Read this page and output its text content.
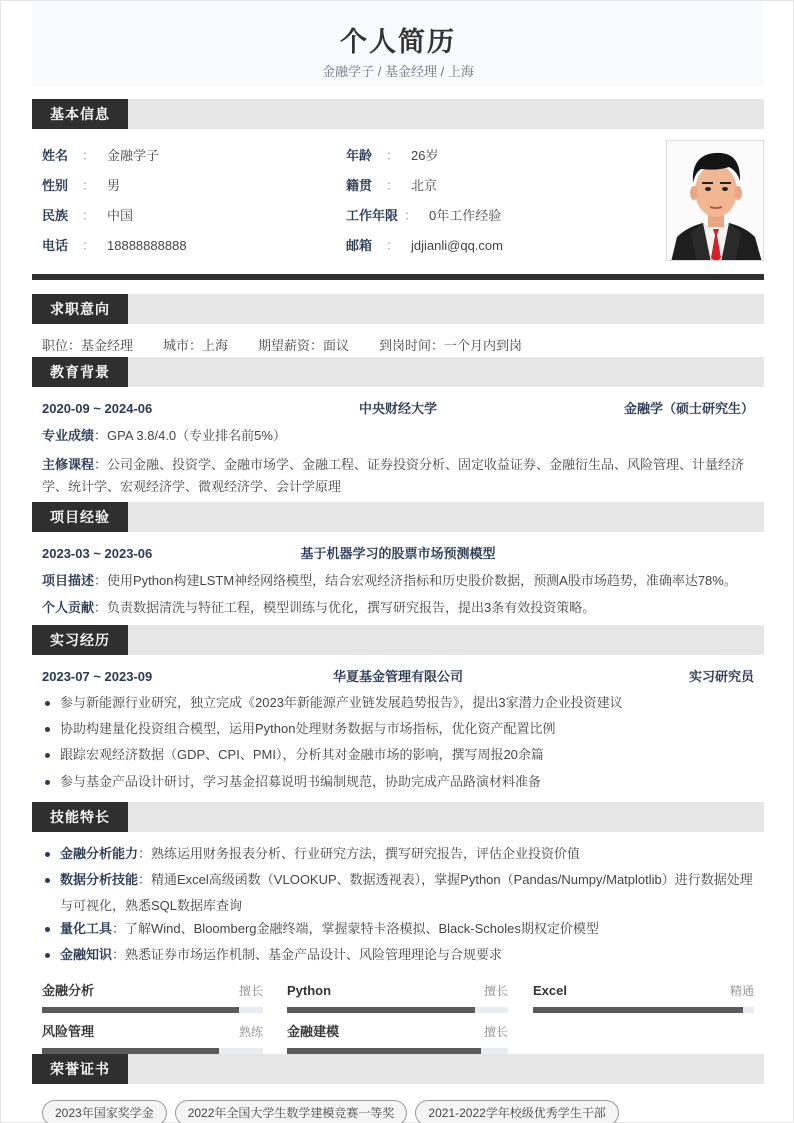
个人简历
金融学子 / 基金经理 / 上海
基本信息
姓名 ： 金融学子
性别 ： 男
民族 ： 中国
电话 ： 18888888888
年龄 ： 26岁
籍贯 ： 北京
工作年限 ： 0年工作经验
邮箱 ： jdjianli@qq.com
求职意向
职位：基金经理 城市：上海 期望薪资：面议 到岗时间：一个月内到岗
教育背景
2020-09 ~ 2024-06	中央财经大学	金融学（硕士研究生）
专业成绩：GPA 3.8/4.0（专业排名前5%）
主修课程：公司金融、投资学、金融市场学、金融工程、证券投资分析、固定收益证券、金融衍生品、风险管理、计量经济学、统计学、宏观经济学、微观经济学、会计学原理
项目经验
2023-03 ~ 2023-06	基于机器学习的股票市场预测模型
项目描述：使用Python构建LSTM神经网络模型，结合宏观经济指标和历史股价数据，预测A股市场趋势，准确率达78%。
个人贡献：负责数据清洗与特征工程，模型训练与优化，撰写研究报告，提出3条有效投资策略。
实习经历
2023-07 ~ 2023-09	华夏基金管理有限公司	实习研究员
参与新能源行业研究，独立完成《2023年新能源产业链发展趋势报告》，提出3家潜力企业投资建议
协助构建量化投资组合模型，运用Python处理财务数据与市场指标，优化资产配置比例
跟踪宏观经济数据（GDP、CPI、PMI），分析其对金融市场的影响，撰写周报20余篇
参与基金产品设计研讨，学习基金招募说明书编制规范，协助完成产品路演材料准备
技能特长
金融分析能力：熟练运用财务报表分析、行业研究方法，撰写研究报告，评估企业投资价值
数据分析技能：精通Excel高级函数（VLOOKUP、数据透视表），掌握Python（Pandas/Numpy/Matplotlib）进行数据处理与可视化，熟悉SQL数据库查询
量化工具：了解Wind、Bloomberg金融终端，掌握蒙特卡洛模拟、Black-Scholes期权定价模型
金融知识：熟悉证券市场运作机制、基金产品设计、风险管理理论与合规要求
金融分析	擅长 Python	擅长 Excel	精通
风险管理	熟练 金融建模	擅长
荣誉证书
2023年国家奖学金	2022年全国大学生数学建模竞赛一等奖	2021-2022学年校级优秀学生干部
